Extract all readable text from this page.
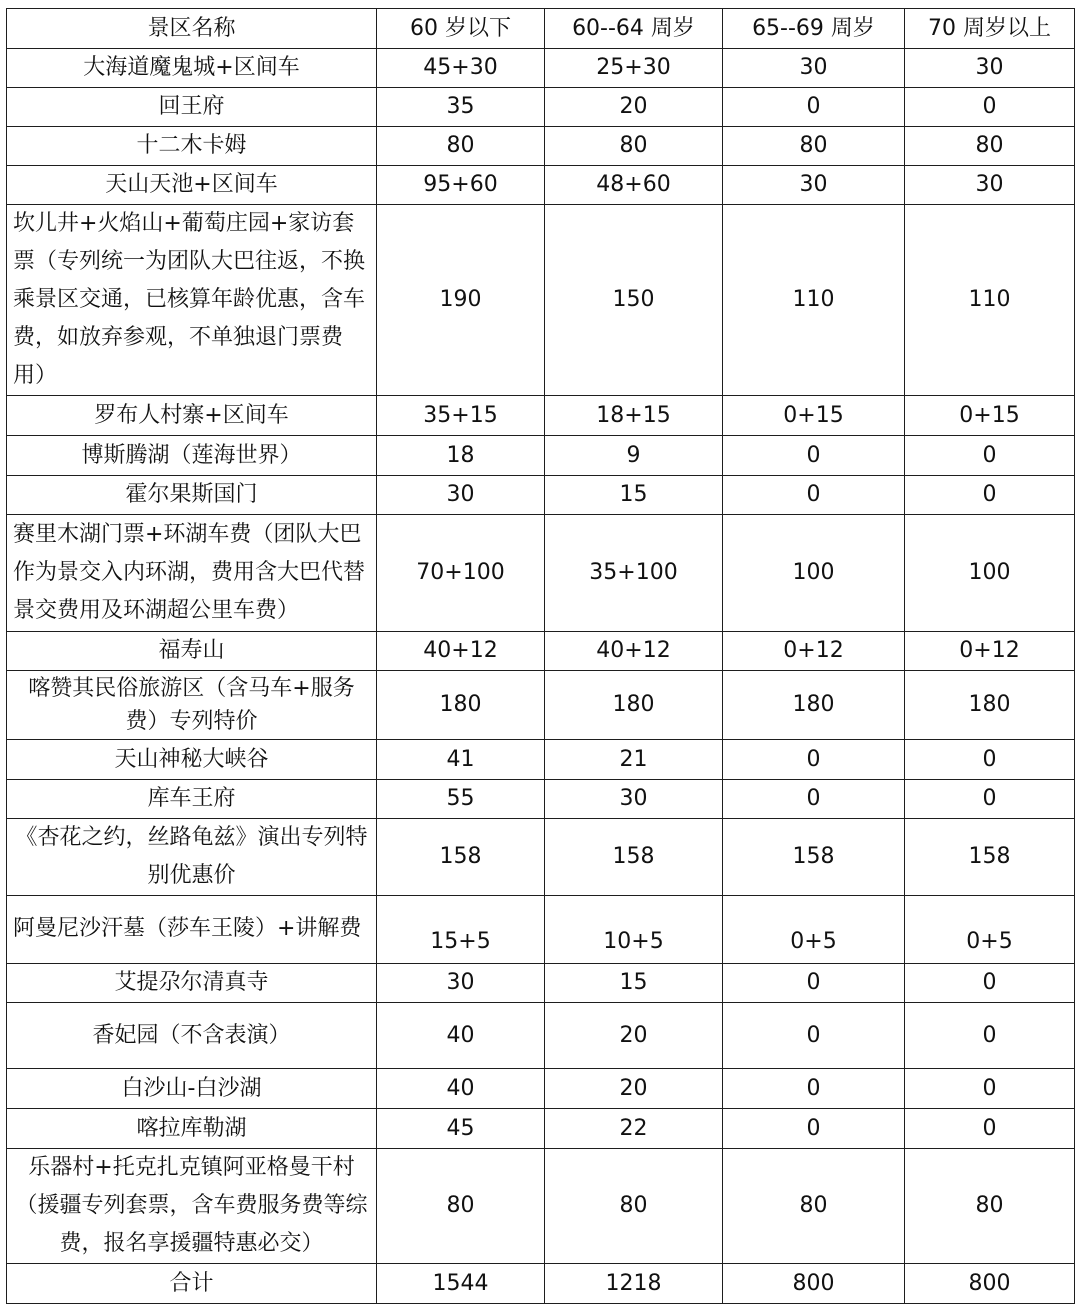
景区名称	60 岁以下	60--64 周岁	65--69 周岁	70 周岁以上
大海道魔鬼城+区间车	45+30	25+30	30	30
回王府	35	20	0	0
十二木卡姆	80	80	80	80
天山天池+区间车	95+60	48+60	30	30
坎儿井+火焰山+葡萄庄园+家访套票（专列统一为团队大巴往返，不换乘景区交通，已核算年龄优惠，含车费，如放弃参观，不单独退门票费用）	190	150	110	110
罗布人村寨+区间车	35+15	18+15	0+15	0+15
博斯腾湖（莲海世界）	18	9	0	0
霍尔果斯国门	30	15	0	0
赛里木湖门票+环湖车费（团队大巴作为景交入内环湖，费用含大巴代替景交费用及环湖超公里车费）	70+100	35+100	100	100
福寿山	40+12	40+12	0+12	0+12
喀赞其民俗旅游区（含马车+服务费）专列特价	180	180	180	180
天山神秘大峡谷	41	21	0	0
库车王府	55	30	0	0
《杏花之约，丝路龟兹》演出专列特别优惠价	158	158	158	158
阿曼尼沙汗墓（莎车王陵）+讲解费	15+5	10+5	0+5	0+5
艾提尕尔清真寺	30	15	0	0
香妃园（不含表演）	40	20	0	0
白沙山-白沙湖	40	20	0	0
喀拉库勒湖	45	22	0	0
乐器村+托克扎克镇阿亚格曼干村（援疆专列套票，含车费服务费等综费，报名享援疆特惠必交）	80	80	80	80
合计	1544	1218	800	800
